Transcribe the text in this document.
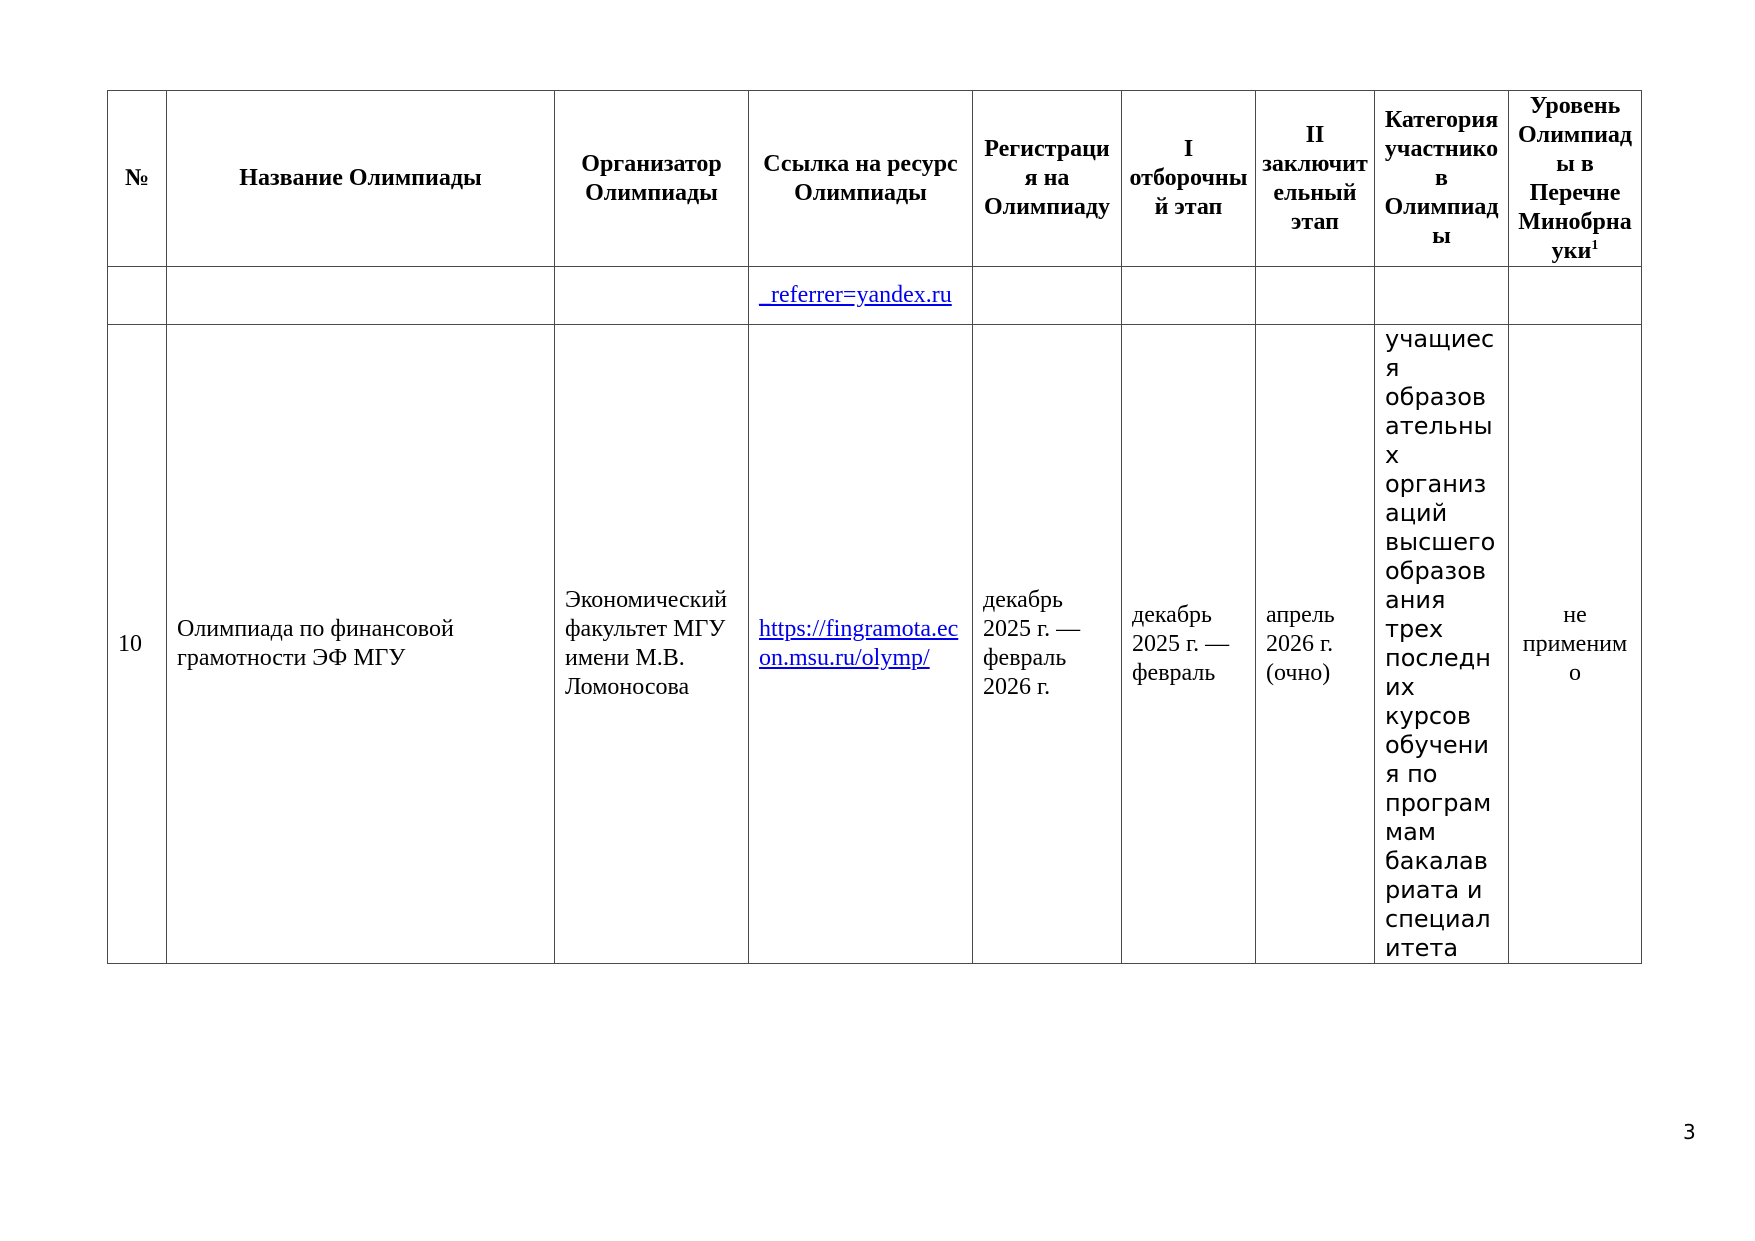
№	Название Олимпиады	Организатор Олимпиады	Ссылка на ресурс Олимпиады	Регистрация на Олимпиаду	I отборочный этап	II заключительный этап	Категория участников Олимпиады	Уровень Олимпиады в Перечне Минобрнауки$^1$
			_referrer=yandex.ru					
10	Олимпиада по финансовой грамотности ЭФ МГУ	Экономический факультет МГУ имени М.В. Ломоносова	https://fingramota.econ.msu.ru/olymp/	декабрь 2025 г. — февраль 2026 г.	декабрь 2025 г. — февраль	апрель 2026 г. (очно)	учащиеся образовательных организаций высшего образования трех последних курсов обучения по программам бакалавриата и специалитета	не применимо
3
